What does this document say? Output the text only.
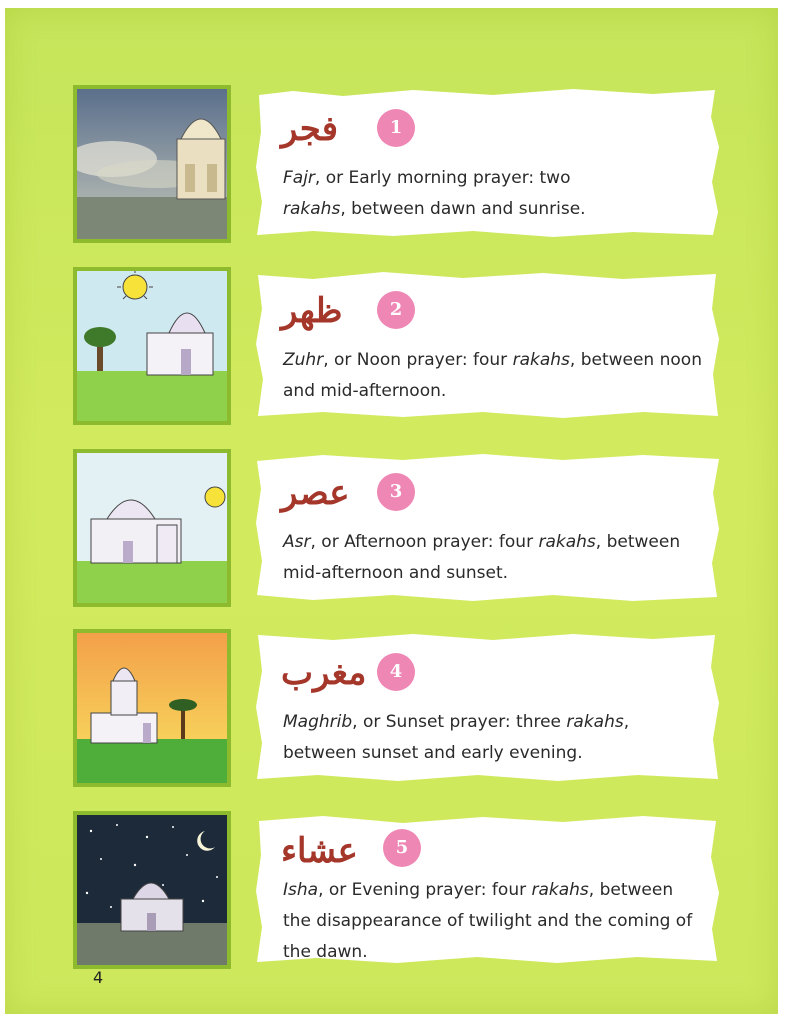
فجر	1
Fajr, or Early morning prayer: two
rakahs, between dawn and sunrise.
ظهر	2
Zuhr, or Noon prayer: four rakahs, between noon and mid-afternoon.
عصر	3
Asr, or Afternoon prayer: four rakahs, between mid-afternoon and sunset.
مغرب	4
Maghrib, or Sunset prayer: three rakahs, between sunset and early evening.
عشاء	5
Isha, or Evening prayer: four rakahs, between the disappearance of twilight and the coming of the dawn.
4
